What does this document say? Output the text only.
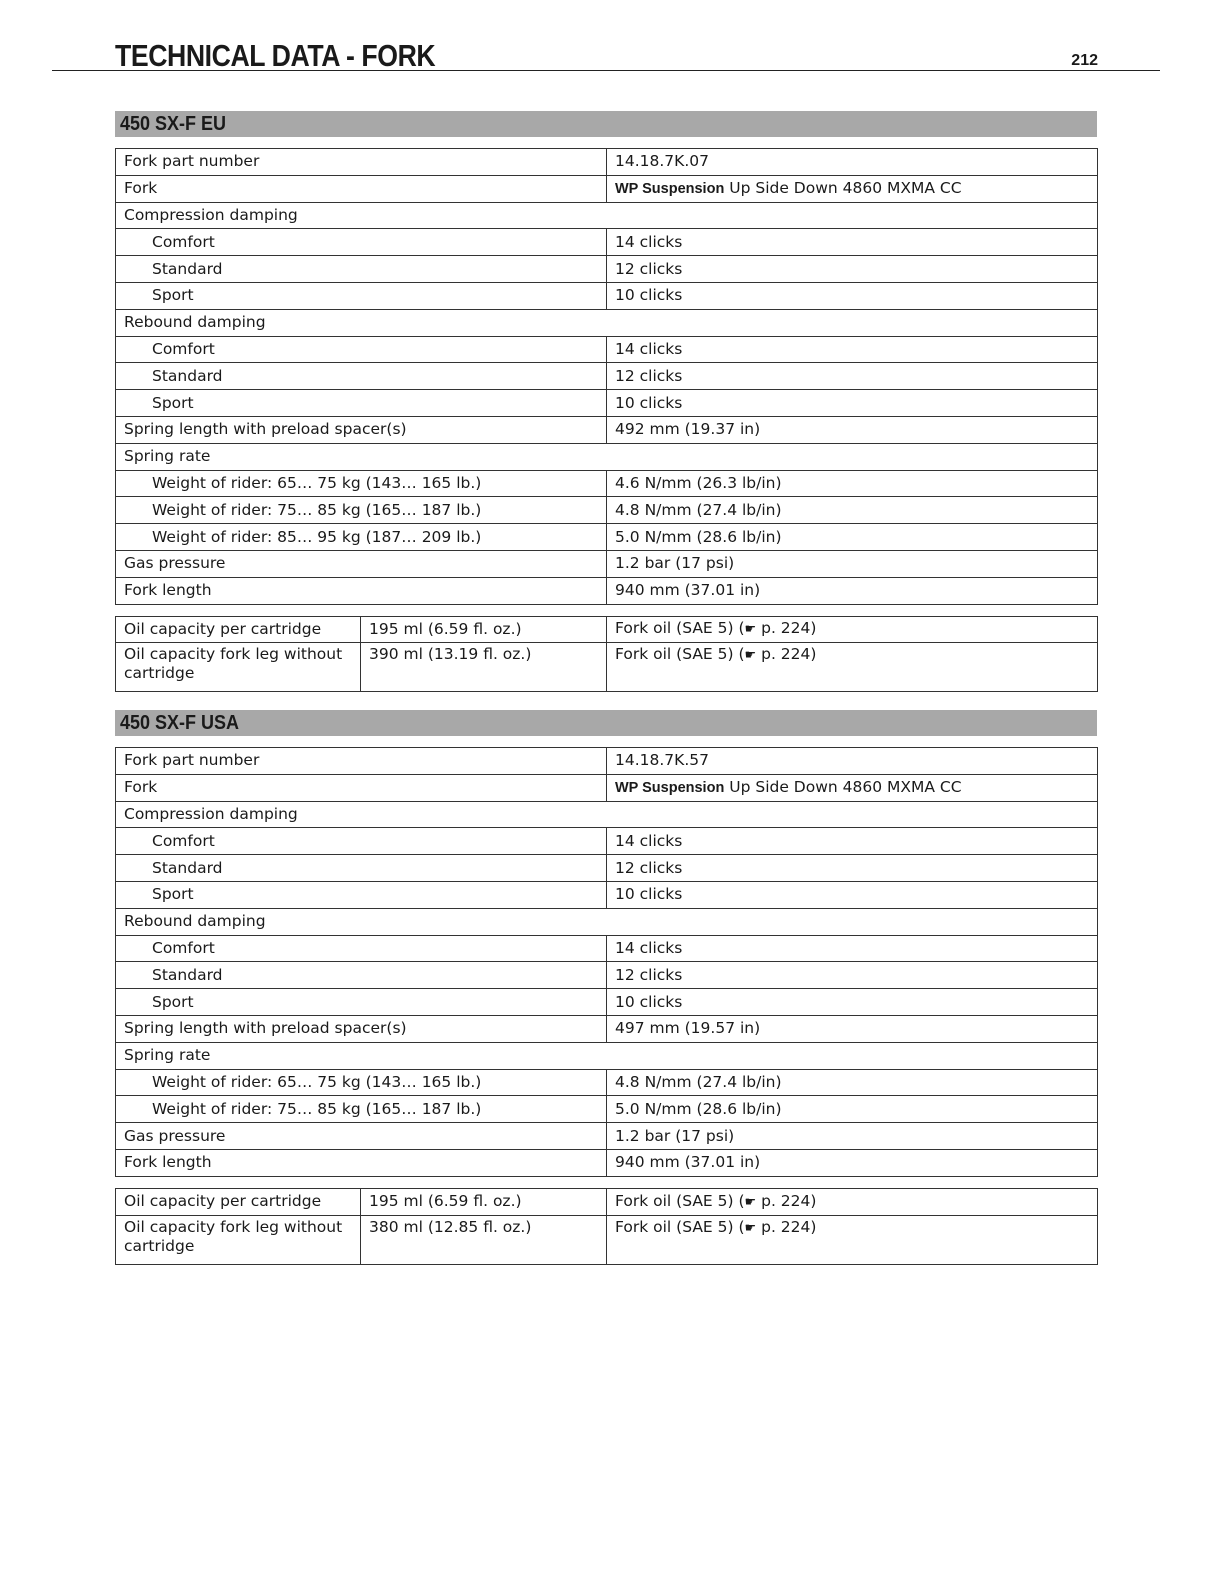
TECHNICAL DATA - FORK	212
450 SX-F EU
Fork part number	14.18.7K.07
Fork	WP Suspension Up Side Down 4860 MXMA CC
Compression damping	
Comfort	14 clicks
Standard	12 clicks
Sport	10 clicks
Rebound damping	
Comfort	14 clicks
Standard	12 clicks
Sport	10 clicks
Spring length with preload spacer(s)	492 mm (19.37 in)
Spring rate	
Weight of rider: 65… 75 kg (143… 165 lb.)	4.6 N/mm (26.3 lb/in)
Weight of rider: 75… 85 kg (165… 187 lb.)	4.8 N/mm (27.4 lb/in)
Weight of rider: 85… 95 kg (187… 209 lb.)	5.0 N/mm (28.6 lb/in)
Gas pressure	1.2 bar (17 psi)
Fork length	940 mm (37.01 in)
Oil capacity per cartridge	195 ml (6.59 fl. oz.)	Fork oil (SAE 5) (☛ p. 224)
Oil capacity fork leg without cartridge	390 ml (13.19 fl. oz.)	Fork oil (SAE 5) (☛ p. 224)
450 SX-F USA
Fork part number	14.18.7K.57
Fork	WP Suspension Up Side Down 4860 MXMA CC
Compression damping	
Comfort	14 clicks
Standard	12 clicks
Sport	10 clicks
Rebound damping	
Comfort	14 clicks
Standard	12 clicks
Sport	10 clicks
Spring length with preload spacer(s)	497 mm (19.57 in)
Spring rate	
Weight of rider: 65… 75 kg (143… 165 lb.)	4.8 N/mm (27.4 lb/in)
Weight of rider: 75… 85 kg (165… 187 lb.)	5.0 N/mm (28.6 lb/in)
Gas pressure	1.2 bar (17 psi)
Fork length	940 mm (37.01 in)
Oil capacity per cartridge	195 ml (6.59 fl. oz.)	Fork oil (SAE 5) (☛ p. 224)
Oil capacity fork leg without cartridge	380 ml (12.85 fl. oz.)	Fork oil (SAE 5) (☛ p. 224)
